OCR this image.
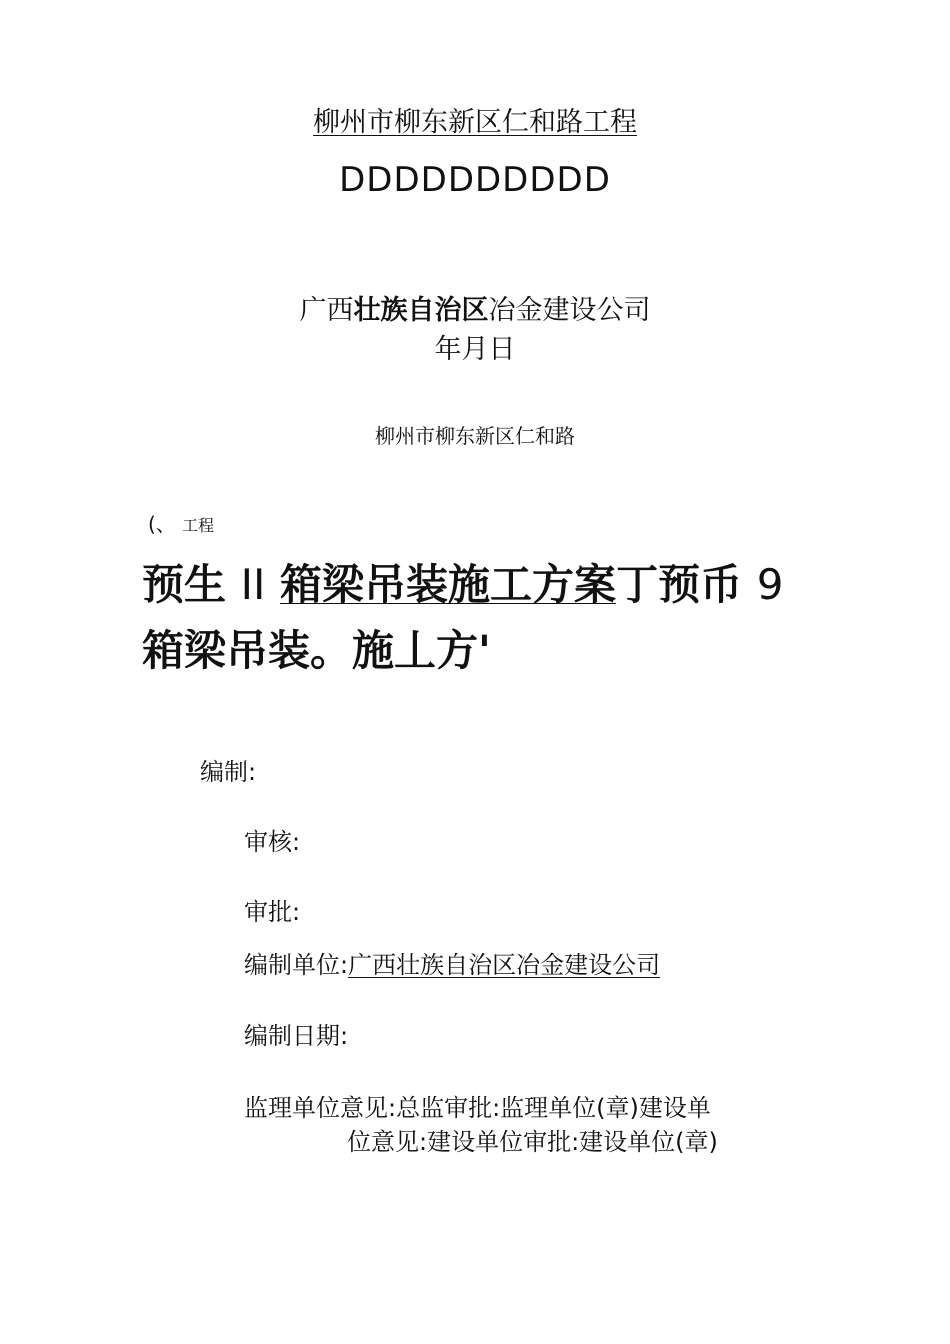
柳州市柳东新区仁和路工程
DDDDDDDDDD
广西壮族自治区冶金建设公司
年月日
柳州市柳东新区仁和路
(、 工程
预生 II 箱梁吊装施工方案丁预币 9
箱梁吊装。施丄方'
编制:
审核:
审批:
编制单位:广西壮族自治区冶金建设公司
编制日期:
监理单位意见:总监审批:监理单位(章)建设单
位意见:建设单位审批:建设单位(章)
